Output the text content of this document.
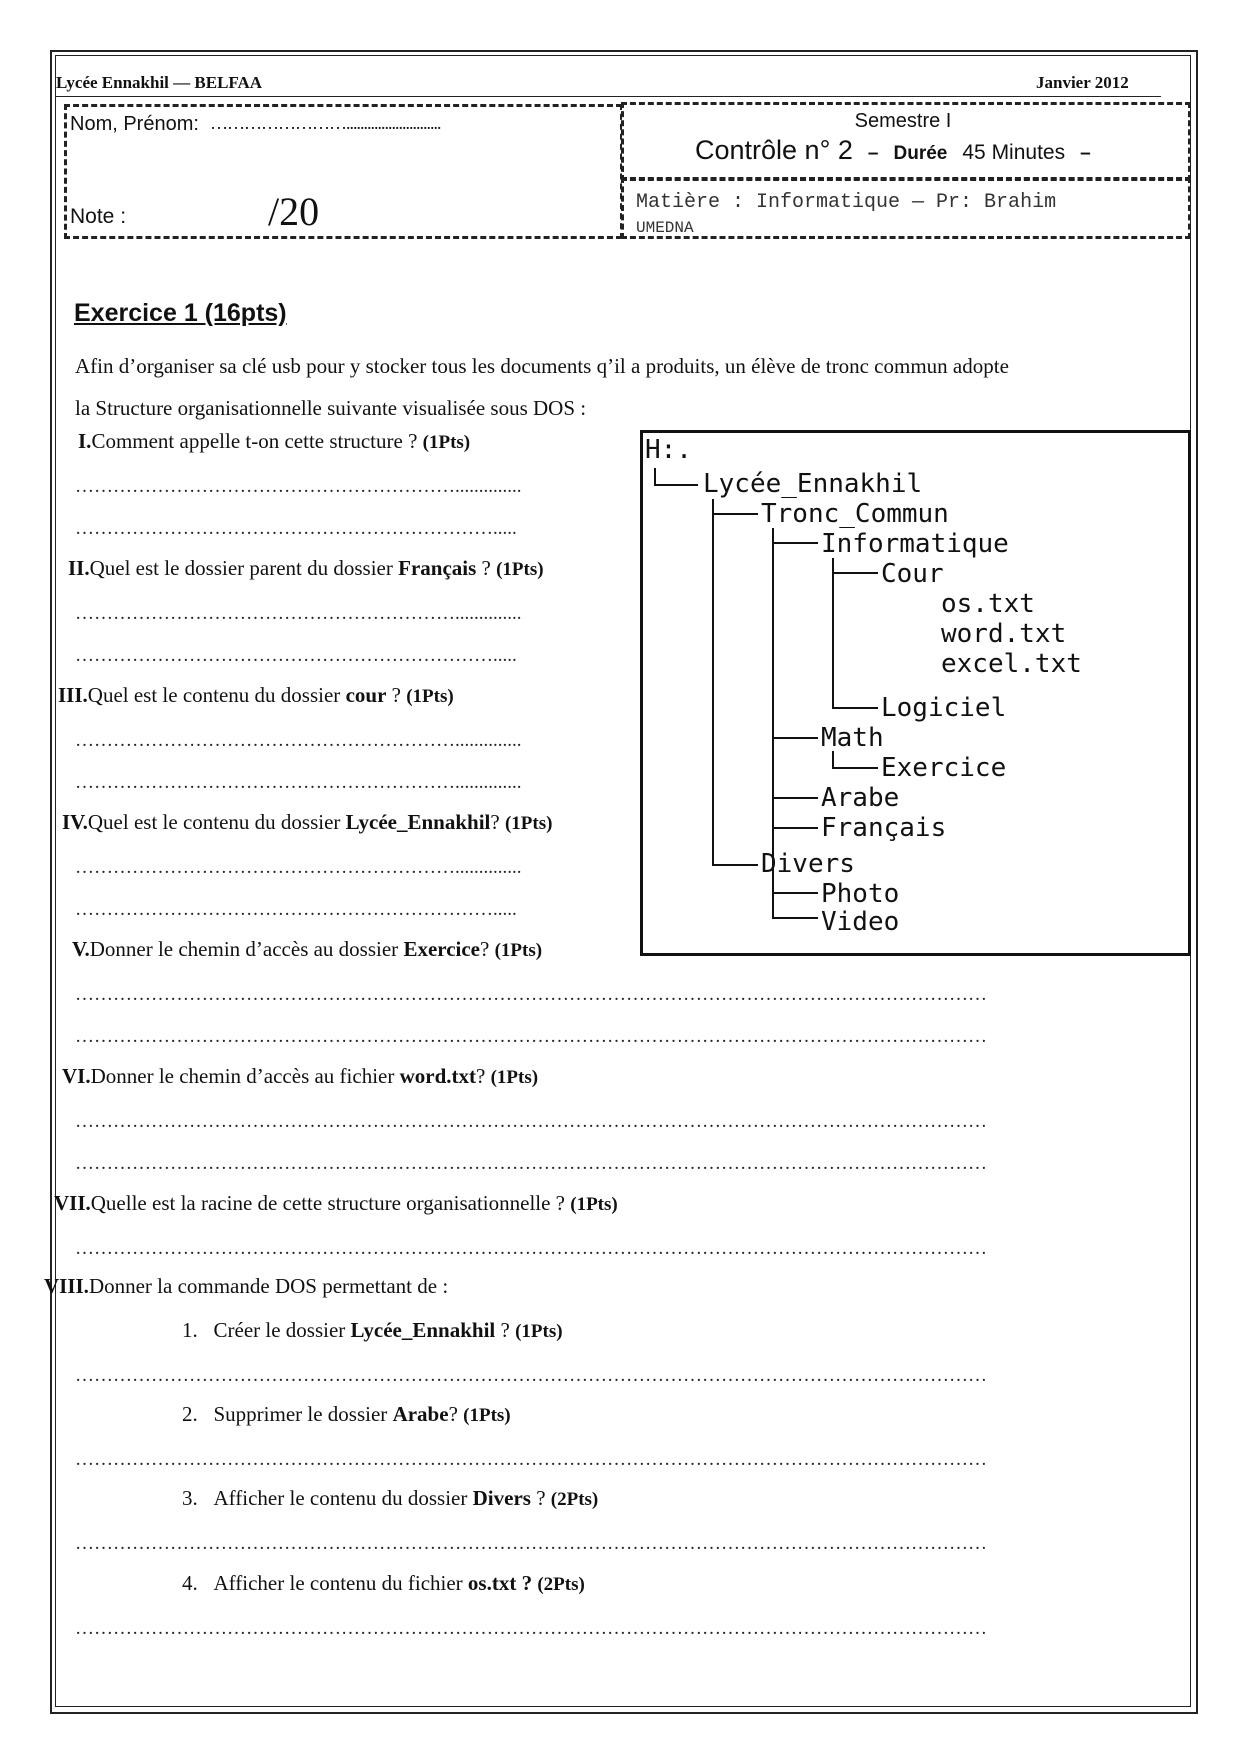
Lycée Ennakhil — BELFAA	Janvier 2012
Nom, Prénom: ……………………...........................
Note :	/20
Semestre I
Contrôle n° 2 – Durée 45 Minutes –
Matière : Informatique — Pr: Brahim
UMEDNA
Exercice 1 (16pts)
Afin d’organiser sa clé usb pour y stocker tous les documents q’il a produits, un élève de tronc commun adopte
la Structure organisationnelle suivante visualisée sous DOS :
I.Comment appelle t-on cette structure ? (1Pts)
……………………………………………………..............
………………………………………………………….....
II.Quel est le dossier parent du dossier Français ? (1Pts)
……………………………………………………..............
………………………………………………………….....
III.Quel est le contenu du dossier cour ? (1Pts)
……………………………………………………..............
……………………………………………………..............
IV.Quel est le contenu du dossier Lycée_Ennakhil? (1Pts)
……………………………………………………..............
………………………………………………………….....
V.Donner le chemin d’accès au dossier Exercice? (1Pts)
………………………………………………………………………………………………………………………………
………………………………………………………………………………………………………………………………
VI.Donner le chemin d’accès au fichier word.txt? (1Pts)
………………………………………………………………………………………………………………………………
………………………………………………………………………………………………………………………………
VII.Quelle est la racine de cette structure organisationnelle ? (1Pts)
………………………………………………………………………………………………………………………………
VIII.Donner la commande DOS permettant de :
1. Créer le dossier Lycée_Ennakhil ? (1Pts)
………………………………………………………………………………………………………………………………
2. Supprimer le dossier Arabe? (1Pts)
………………………………………………………………………………………………………………………………
3. Afficher le contenu du dossier Divers ? (2Pts)
………………………………………………………………………………………………………………………………
4. Afficher le contenu du fichier os.txt ? (2Pts)
………………………………………………………………………………………………………………………………
H:.
Lycée_Ennakhil
Tronc_Commun
Informatique
Cour
os.txt
word.txt
excel.txt
Logiciel
Math
Exercice
Arabe
Français
Divers
Photo
Video
